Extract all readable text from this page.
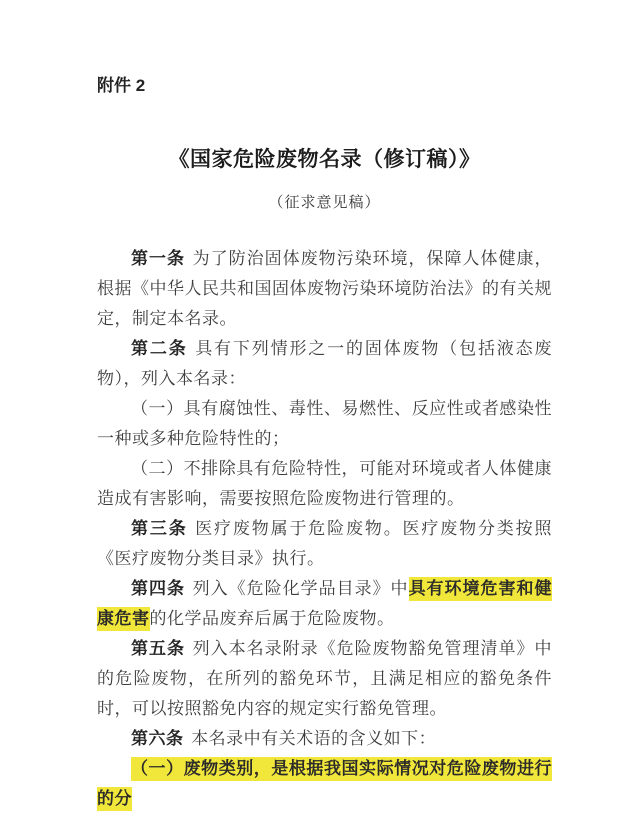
附件 2
《国家危险废物名录（修订稿）》
（征求意见稿）

第一条 为了防治固体废物污染环境，保障人体健康，根据《中华人民共和国固体废物污染环境防治法》的有关规定，制定本名录。

第二条 具有下列情形之一的固体废物（包括液态废物），列入本名录：

（一）具有腐蚀性、毒性、易燃性、反应性或者感染性一种或多种危险特性的；

（二）不排除具有危险特性，可能对环境或者人体健康造成有害影响，需要按照危险废物进行管理的。

第三条 医疗废物属于危险废物。医疗废物分类按照《医疗废物分类目录》执行。

第四条 列入《危险化学品目录》中具有环境危害和健康危害的化学品废弃后属于危险废物。

第五条 列入本名录附录《危险废物豁免管理清单》中的危险废物，在所列的豁免环节，且满足相应的豁免条件时，可以按照豁免内容的规定实行豁免管理。

第六条 本名录中有关术语的含义如下：

（一）废物类别，是根据我国实际情况对危险废物进行的分
